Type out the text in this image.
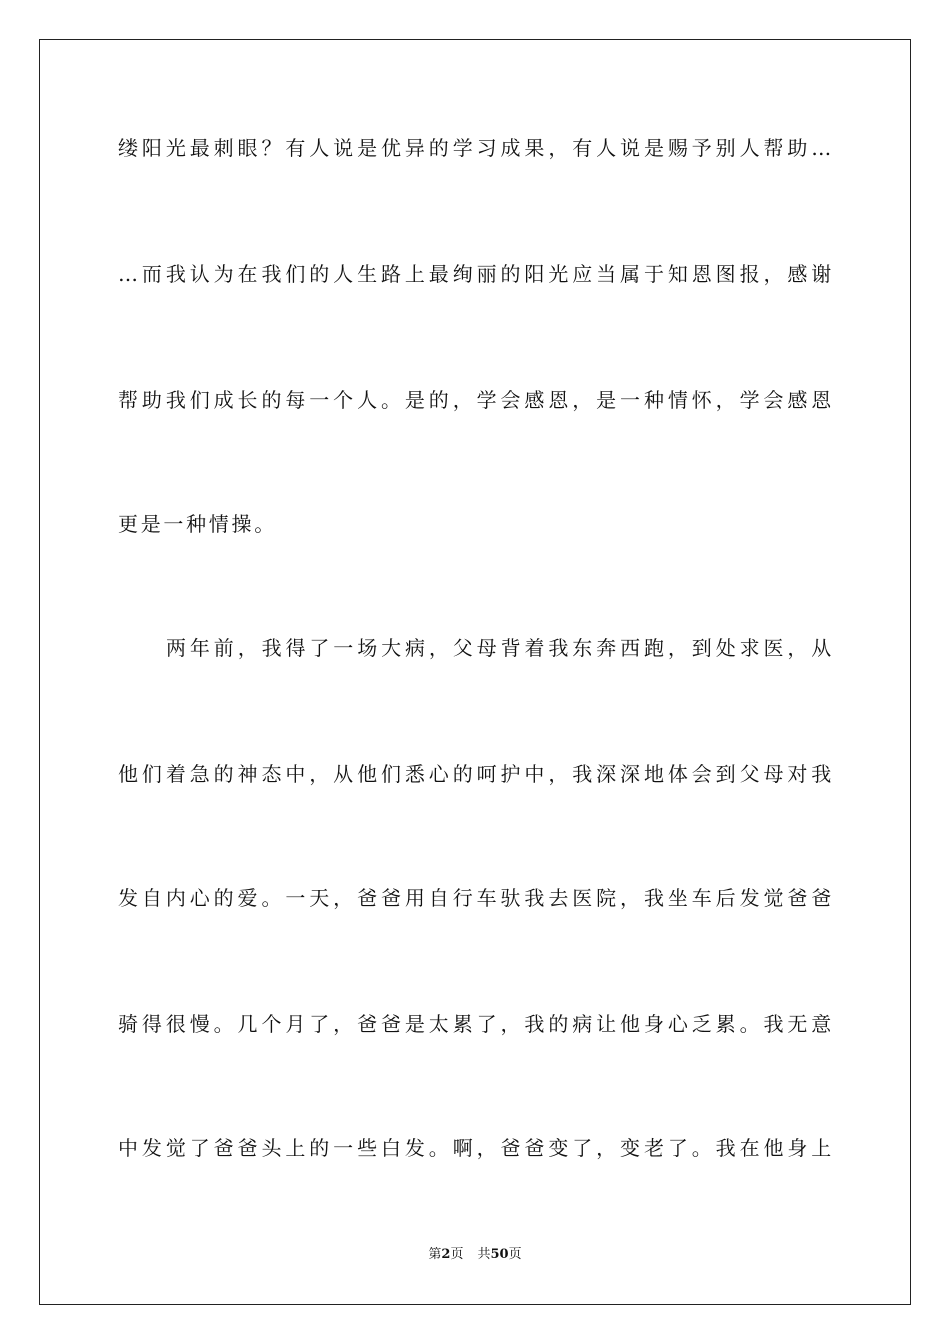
缕阳光最刺眼？有人说是优异的学习成果，有人说是赐予别人帮助…
…而我认为在我们的人生路上最绚丽的阳光应当属于知恩图报，感谢
帮助我们成长的每一个人。是的，学会感恩，是一种情怀，学会感恩
更是一种情操。
两年前，我得了一场大病，父母背着我东奔西跑，到处求医，从
他们着急的神态中，从他们悉心的呵护中，我深深地体会到父母对我
发自内心的爱。一天，爸爸用自行车驮我去医院，我坐车后发觉爸爸
骑得很慢。几个月了，爸爸是太累了，我的病让他身心乏累。我无意
中发觉了爸爸头上的一些白发。啊，爸爸变了，变老了。我在他身上
第2页 共50页
